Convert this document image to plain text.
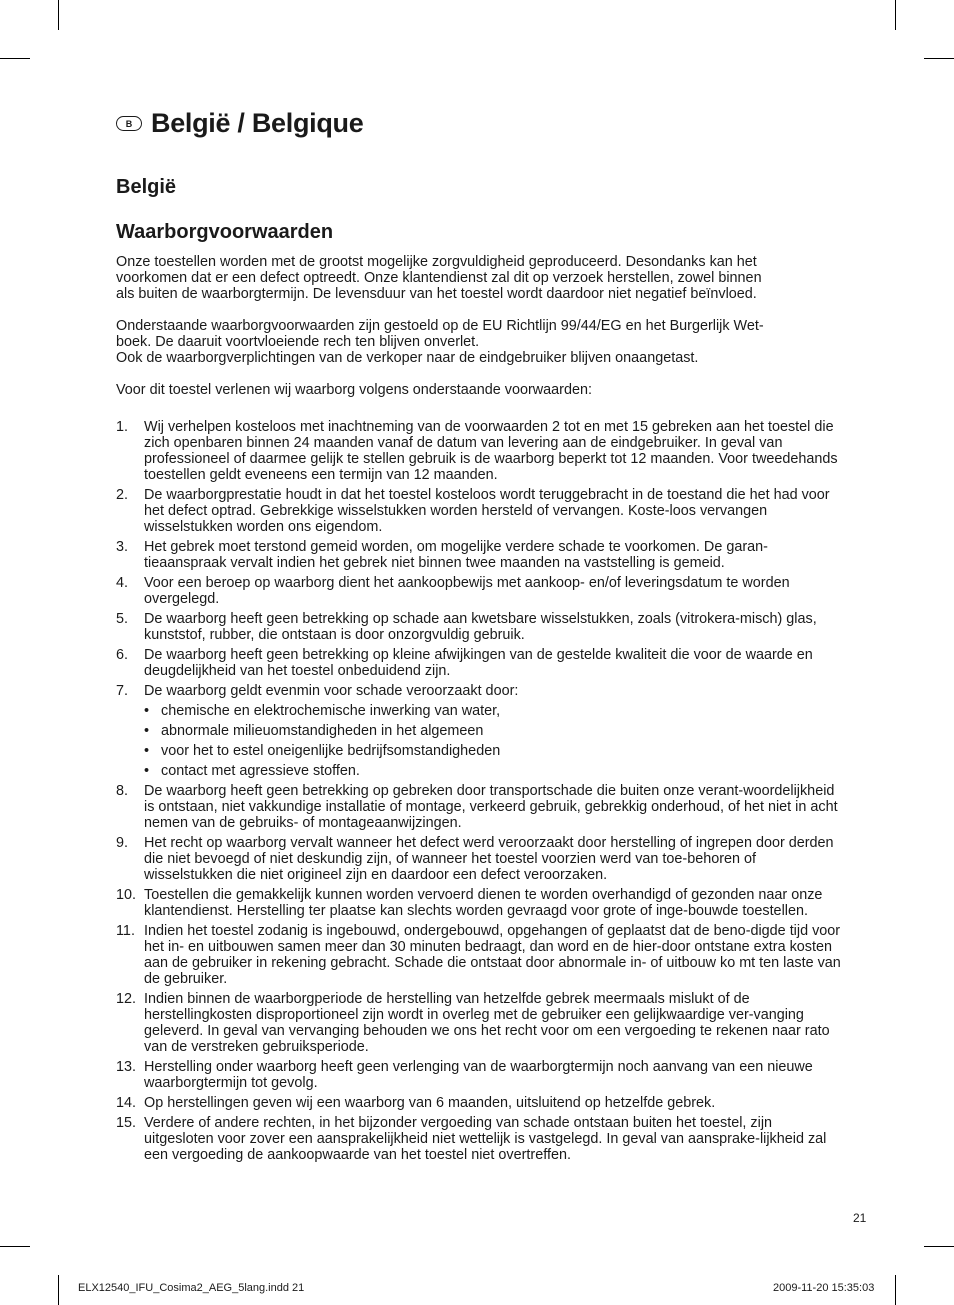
B België / Belgique
België
Waarborgvoorwaarden

Onze toestellen worden met de grootst mogelijke zorgvuldigheid geproduceerd. Desondanks kan het
voorkomen dat er een defect optreedt. Onze klantendienst zal dit op verzoek herstellen, zowel binnen
als buiten de waarborgtermijn. De levensduur van het toestel wordt daardoor niet negatief beïnvloed.

Onderstaande waarborgvoorwaarden zijn gestoeld op de EU Richtlijn 99/44/EG en het Burgerlijk Wet-
boek. De daaruit voortvloeiende rech ten blijven onverlet.
Ook de waarborgverplichtingen van de verkoper naar de eindgebruiker blijven onaangetast.

Voor dit toestel verlenen wij waarborg volgens onderstaande voorwaarden:

1. Wij verhelpen kosteloos met inachtneming van de voorwaarden 2 tot en met 15 gebreken aan het toestel die zich openbaren binnen 24 maanden vanaf de datum van levering aan de eindgebruiker. In geval van professioneel of daarmee gelijk te stellen gebruik is de waarborg beperkt tot 12 maanden. Voor tweedehands toestellen geldt eveneens een termijn van 12 maanden.
2. De waarborgprestatie houdt in dat het toestel kosteloos wordt teruggebracht in de toestand die het had voor het defect optrad. Gebrekkige wisselstukken worden hersteld of vervangen. Koste-loos vervangen wisselstukken worden ons eigendom.
3. Het gebrek moet terstond gemeid worden, om mogelijke verdere schade te voorkomen. De garan-tieaanspraak vervalt indien het gebrek niet binnen twee maanden na vaststelling is gemeid.
4. Voor een beroep op waarborg dient het aankoopbewijs met aankoop- en/of leveringsdatum te worden overgelegd.
5. De waarborg heeft geen betrekking op schade aan kwetsbare wisselstukken, zoals (vitrokera-misch) glas, kunststof, rubber, die ontstaan is door onzorgvuldig gebruik.
6. De waarborg heeft geen betrekking op kleine afwijkingen van de gestelde kwaliteit die voor de waarde en deugdelijkheid van het toestel onbeduidend zijn.
7. De waarborg geldt evenmin voor schade veroorzaakt door:
• chemische en elektrochemische inwerking van water,
• abnormale milieuomstandigheden in het algemeen
• voor het to estel oneigenlijke bedrijfsomstandigheden
• contact met agressieve stoffen.
8. De waarborg heeft geen betrekking op gebreken door transportschade die buiten onze verant-woordelijkheid is ontstaan, niet vakkundige installatie of montage, verkeerd gebruik, gebrekkig onderhoud, of het niet in acht nemen van de gebruiks- of montageaanwijzingen.
9. Het recht op waarborg vervalt wanneer het defect werd veroorzaakt door herstelling of ingrepen door derden die niet bevoegd of niet deskundig zijn, of wanneer het toestel voorzien werd van toe-behoren of wisselstukken die niet origineel zijn en daardoor een defect veroorzaken.
10. Toestellen die gemakkelijk kunnen worden vervoerd dienen te worden overhandigd of gezonden naar onze klantendienst. Herstelling ter plaatse kan slechts worden gevraagd voor grote of inge-bouwde toestellen.
11. Indien het toestel zodanig is ingebouwd, ondergebouwd, opgehangen of geplaatst dat de beno-digde tijd voor het in- en uitbouwen samen meer dan 30 minuten bedraagt, dan word en de hier-door ontstane extra kosten aan de gebruiker in rekening gebracht. Schade die ontstaat door abnormale in- of uitbouw ko mt ten laste van de gebruiker.
12. Indien binnen de waarborgperiode de herstelling van hetzelfde gebrek meermaals mislukt of de herstellingkosten disproportioneel zijn wordt in overleg met de gebruiker een gelijkwaardige ver-vanging geleverd. In geval van vervanging behouden we ons het recht voor om een vergoeding te rekenen naar rato van de verstreken gebruiksperiode.
13. Herstelling onder waarborg heeft geen verlenging van de waarborgtermijn noch aanvang van een nieuwe waarborgtermijn tot gevolg.
14. Op herstellingen geven wij een waarborg van 6 maanden, uitsluitend op hetzelfde gebrek.
15. Verdere of andere rechten, in het bijzonder vergoeding van schade ontstaan buiten het toestel, zijn uitgesloten voor zover een aansprakelijkheid niet wettelijk is vastgelegd. In geval van aansprake-lijkheid zal een vergoeding de aankoopwaarde van het toestel niet overtreffen.
21
ELX12540_IFU_Cosima2_AEG_5lang.indd 21	2009-11-20 15:35:03
